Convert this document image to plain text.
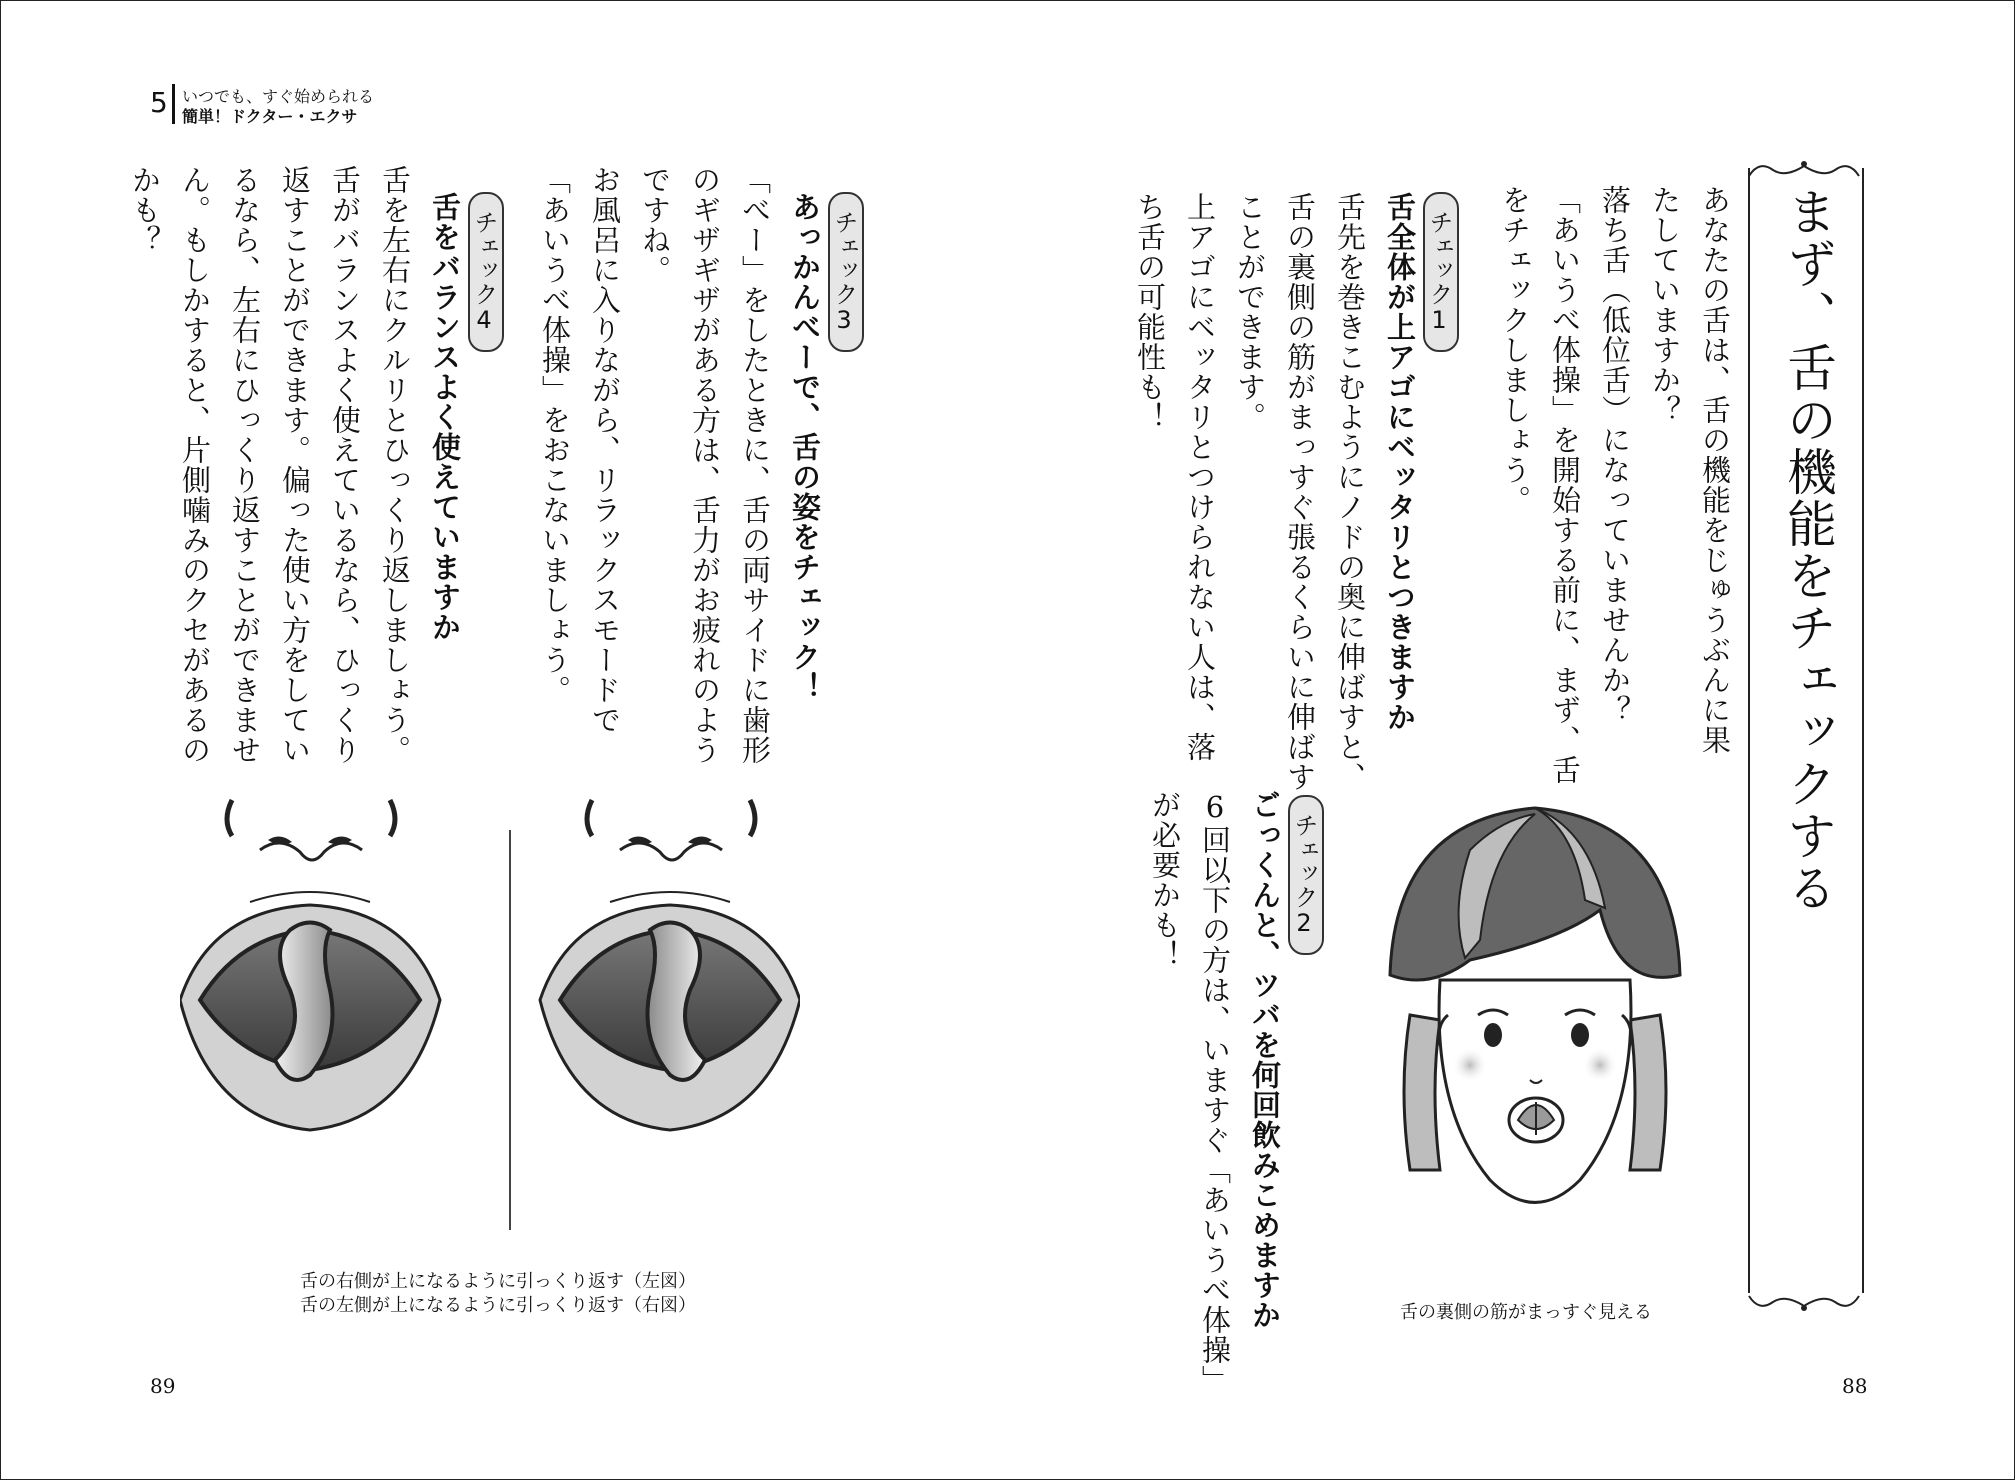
5 いつでも、すぐ始められる
簡単！ドクター・エクサ
まず、舌の機能をチェックする
あなたの舌は、舌の機能をじゅうぶんに果
たしていますか？
落ち舌（低位舌）になっていませんか？
「あいうべ体操」を開始する前に、まず、舌
をチェックしましょう。
チェック1
舌全体が上アゴにベッタリとつきますか
舌先を巻きこむようにノドの奥に伸ばすと、
舌の裏側の筋がまっすぐ張るくらいに伸ばす
ことができます。
上アゴにベッタリとつけられない人は、落
ち舌の可能性も！
チェック2
ごっくんと、ツバを何回飲みこめますか
6回以下の方は、いますぐ「あいうべ体操」
が必要かも！
舌の裏側の筋がまっすぐ見える
88
チェック3
あっかんべーで、舌の姿をチェック！
「べー」をしたときに、舌の両サイドに歯形
のギザギザがある方は、舌力がお疲れのよう
ですね。
お風呂に入りながら、リラックスモードで
「あいうべ体操」をおこないましょう。
チェック4
舌をバランスよく使えていますか
舌を左右にクルリとひっくり返しましょう。
舌がバランスよく使えているなら、ひっくり
返すことができます。偏った使い方をしてい
るなら、左右にひっくり返すことができませ
ん。もしかすると、片側噛みのクセがあるの
かも？
舌の右側が上になるように引っくり返す（左図）
舌の左側が上になるように引っくり返す（右図）
89
